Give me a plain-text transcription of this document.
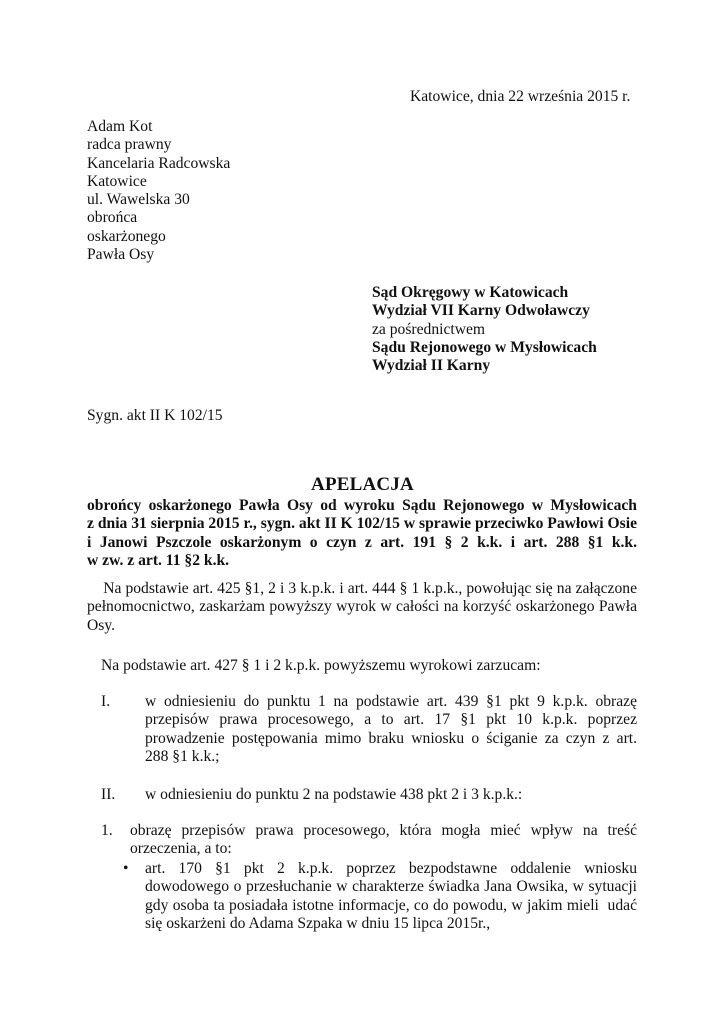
Katowice, dnia 22 września 2015 r.
Adam Kot
radca prawny
Kancelaria Radcowska
Katowice
ul. Wawelska 30
obrońca
oskarżonego
Pawła Osy
Sąd Okręgowy w Katowicach
Wydział VII Karny Odwoławczy
za pośrednictwem
Sądu Rejonowego w Mysłowicach
Wydział II Karny
Sygn. akt II K 102/15
APELACJA
obrońcy oskarżonego Pawła Osy od wyroku Sądu Rejonowego w Mysłowicach
z dnia 31 sierpnia 2015 r., sygn. akt II K 102/15 w sprawie przeciwko Pawłowi Osie
i Janowi Pszczole oskarżonym o czyn z art. 191 § 2 k.k. i art. 288 §1 k.k.
w zw. z art. 11 §2 k.k.
Na podstawie art. 425 §1, 2 i 3 k.p.k. i art. 444 § 1 k.p.k., powołując się na załączone
pełnomocnictwo, zaskarżam powyższy wyrok w całości na korzyść oskarżonego Pawła
Osy.
Na podstawie art. 427 § 1 i 2 k.p.k. powyższemu wyrokowi zarzucam:
I. w odniesieniu do punktu 1 na podstawie art. 439 §1 pkt 9 k.p.k. obrazę
przepisów prawa procesowego, a to art. 17 §1 pkt 10 k.p.k. poprzez
prowadzenie postępowania mimo braku wniosku o ściganie za czyn z art.
288 §1 k.k.;
II. w odniesieniu do punktu 2 na podstawie 438 pkt 2 i 3 k.p.k.:
1. obrazę przepisów prawa procesowego, która mogła mieć wpływ na treść
orzeczenia, a to:
• art. 170 §1 pkt 2 k.p.k. poprzez bezpodstawne oddalenie wniosku
dowodowego o przesłuchanie w charakterze świadka Jana Owsika, w sytuacji
gdy osoba ta posiadała istotne informacje, co do powodu, w jakim mieli  udać
się oskarżeni do Adama Szpaka w dniu 15 lipca 2015r.,
